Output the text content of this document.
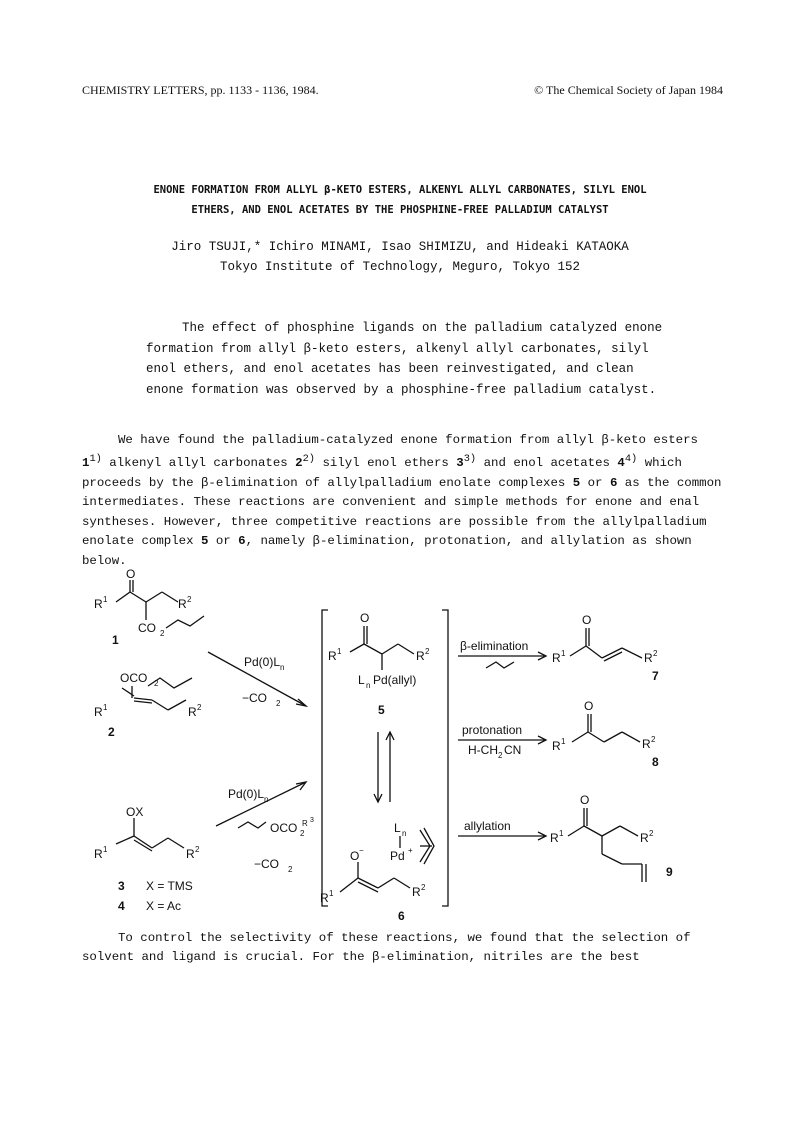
CHEMISTRY LETTERS, pp. 1133 - 1136, 1984.	© The Chemical Society of Japan 1984
ENONE FORMATION FROM ALLYL β-KETO ESTERS, ALKENYL ALLYL CARBONATES, SILYL ENOL
ETHERS, AND ENOL ACETATES BY THE PHOSPHINE-FREE PALLADIUM CATALYST
Jiro TSUJI,* Ichiro MINAMI, Isao SHIMIZU, and Hideaki KATAOKA
Tokyo Institute of Technology, Meguro, Tokyo 152

The effect of phosphine ligands on the palladium catalyzed enone formation from allyl β-keto esters, alkenyl allyl carbonates, silyl enol ethers, and enol acetates has been reinvestigated, and clean enone formation was observed by a phosphine-free palladium catalyst.

We have found the palladium-catalyzed enone formation from allyl β-keto esters 1$^{1)}$ alkenyl allyl carbonates 2$^{2)}$ silyl enol ethers 3$^{3)}$ and enol acetates 4$^{4)}$ which proceeds by the β-elimination of allylpalladium enolate complexes 5 or 6 as the common intermediates. These reactions are convenient and simple methods for enone and enal syntheses. However, three competitive reactions are possible from the allylpalladium enolate complex 5 or 6, namely β-elimination, protonation, and allylation as shown below.

O
R 1	R 2
CO 2
1
OCO 2
R 1	R 2
2
Pd(0)L n
−CO 2
OX
R 1	R 2
3 X = TMS
4 X = Ac
Pd(0)L n
OCO 2
R 3
−CO 2
O
R 1	R 2
L n Pd(allyl)
5
L n
O − Pd +
R 1	R 2
6
β-elimination
protonation
H-CH 2 CN
allylation
O
R 1	R 2
7
O
R 1	R 2
8
O
R 1	R 2
9

To control the selectivity of these reactions, we found that the selection of solvent and ligand is crucial. For the β-elimination, nitriles are the best
